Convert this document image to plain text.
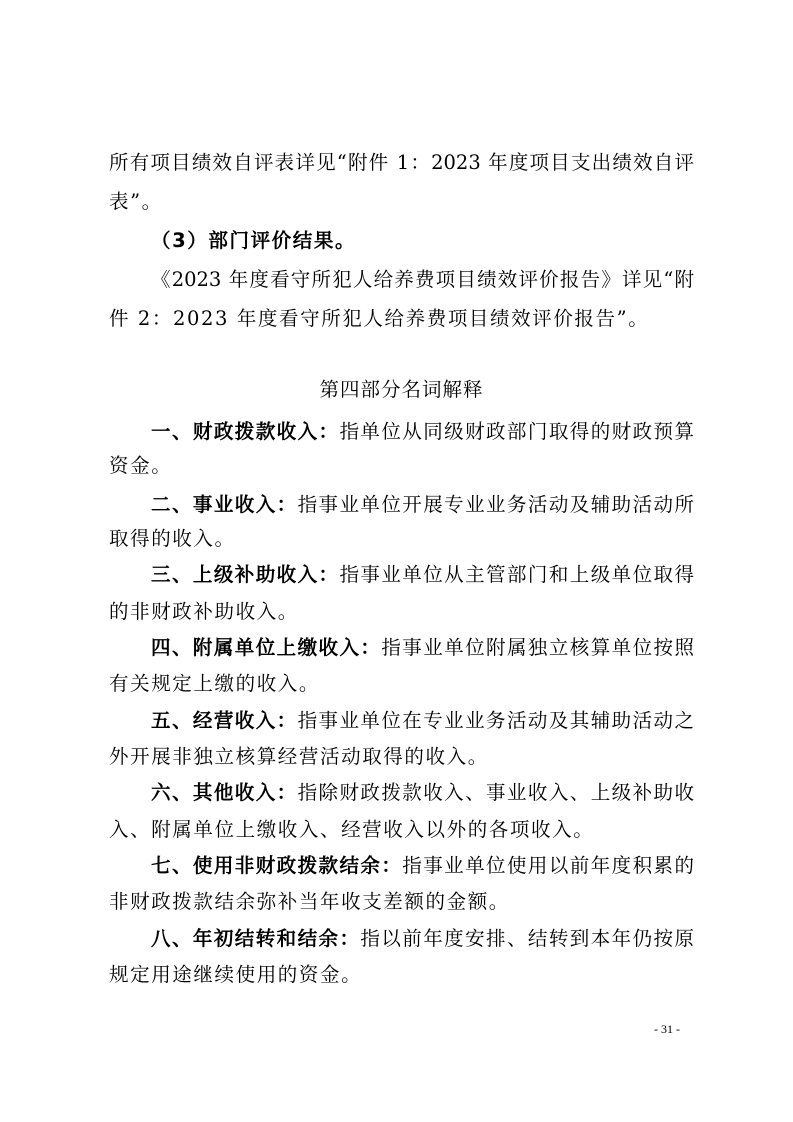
所有项目绩效自评表详见“附件 1：2023 年度项目支出绩效自评
表”。
（3）部门评价结果。
《2023 年度看守所犯人给养费项目绩效评价报告》详见“附
件 2：2023 年度看守所犯人给养费项目绩效评价报告”。
第四部分名词解释
一、财政拨款收入：指单位从同级财政部门取得的财政预算
资金。
二、事业收入：指事业单位开展专业业务活动及辅助活动所
取得的收入。
三、上级补助收入：指事业单位从主管部门和上级单位取得
的非财政补助收入。
四、附属单位上缴收入：指事业单位附属独立核算单位按照
有关规定上缴的收入。
五、经营收入：指事业单位在专业业务活动及其辅助活动之
外开展非独立核算经营活动取得的收入。
六、其他收入：指除财政拨款收入、事业收入、上级补助收
入、附属单位上缴收入、经营收入以外的各项收入。
七、使用非财政拨款结余：指事业单位使用以前年度积累的
非财政拨款结余弥补当年收支差额的金额。
八、年初结转和结余：指以前年度安排、结转到本年仍按原
规定用途继续使用的资金。
- 31 -
